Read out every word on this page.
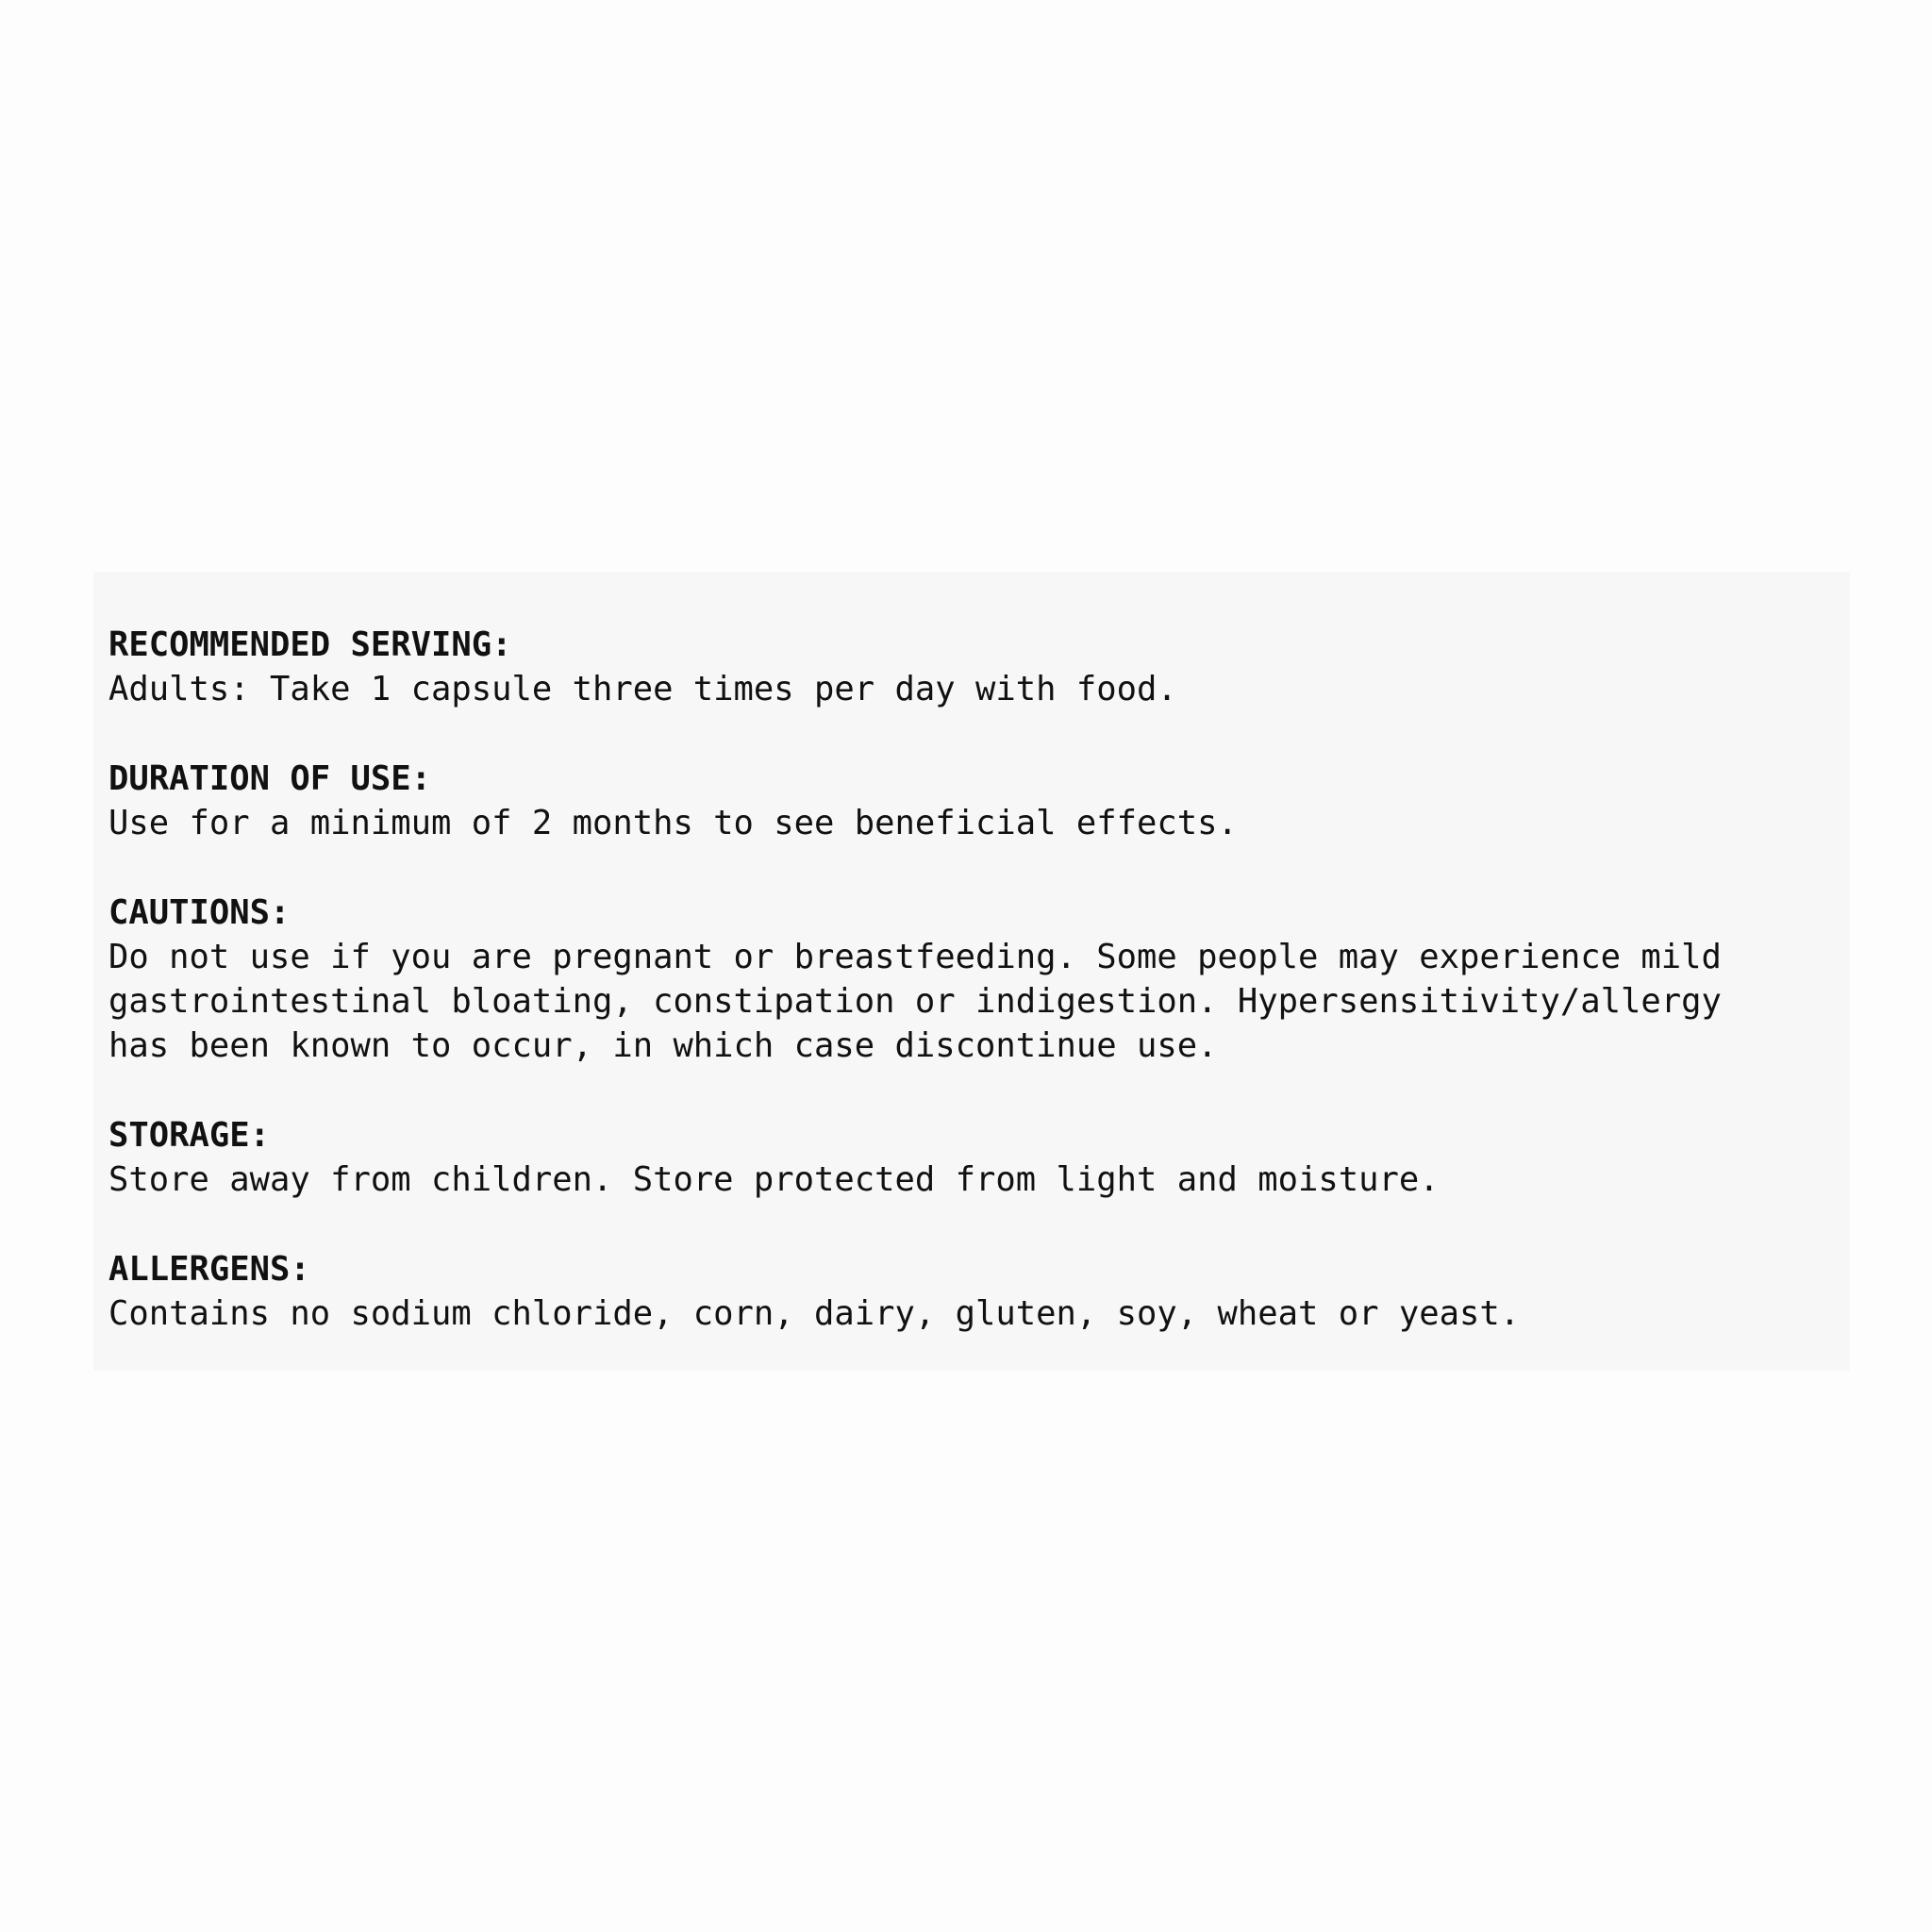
RECOMMENDED SERVING:
Adults: Take 1 capsule three times per day with food.
DURATION OF USE:
Use for a minimum of 2 months to see beneficial effects.
CAUTIONS:
Do not use if you are pregnant or breastfeeding. Some people may experience mild
gastrointestinal bloating, constipation or indigestion. Hypersensitivity/allergy
has been known to occur, in which case discontinue use.
STORAGE:
Store away from children. Store protected from light and moisture.
ALLERGENS:
Contains no sodium chloride, corn, dairy, gluten, soy, wheat or yeast.
